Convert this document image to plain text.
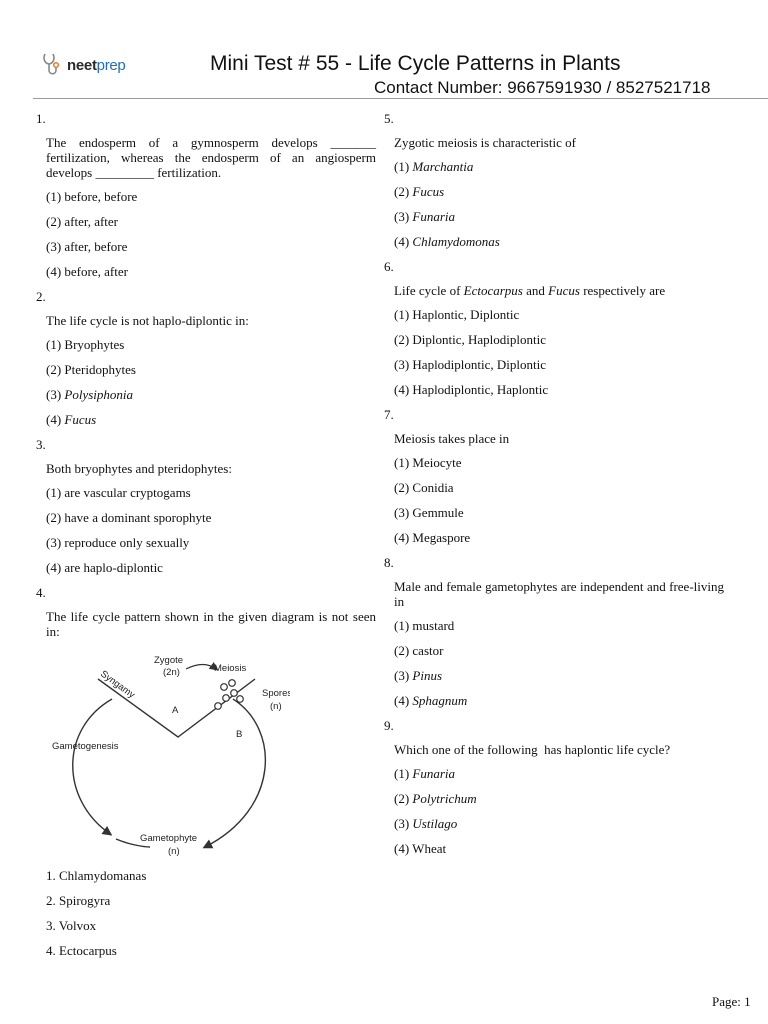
neetprep	Mini Test # 55 - Life Cycle Patterns in Plants
Contact Number: 9667591930 / 8527521718
1.
The endosperm of a gymnosperm develops _______ fertilization, whereas the endosperm of an angiosperm develops _________ fertilization.
(1) before, before
(2) after, after
(3) after, before
(4) before, after
2.
The life cycle is not haplo-diplontic in:
(1) Bryophytes
(2) Pteridophytes
(3) Polysiphonia
(4) Fucus
3.
Both bryophytes and pteridophytes:
(1) are vascular cryptogams
(2) have a dominant sporophyte
(3) reproduce only sexually
(4) are haplo-diplontic
4.
The life cycle pattern shown in the given diagram is not seen in:
Zygote
(2n)	Meiosis
Spores
(n)
Syngamy
A
B
Gametogenesis
Gametophyte
(n)
1. Chlamydomanas
2. Spirogyra
3. Volvox
4. Ectocarpus
5.
Zygotic meiosis is characteristic of
(1) Marchantia
(2) Fucus
(3) Funaria
(4) Chlamydomonas
6.
Life cycle of Ectocarpus and Fucus respectively are
(1) Haplontic, Diplontic
(2) Diplontic, Haplodiplontic
(3) Haplodiplontic, Diplontic
(4) Haplodiplontic, Haplontic
7.
Meiosis takes place in
(1) Meiocyte
(2) Conidia
(3) Gemmule
(4) Megaspore
8.
Male and female gametophytes are independent and free-living in
(1) mustard
(2) castor
(3) Pinus
(4) Sphagnum
9.
Which one of the following  has haplontic life cycle?
(1) Funaria
(2) Polytrichum
(3) Ustilago
(4) Wheat
Page: 1
